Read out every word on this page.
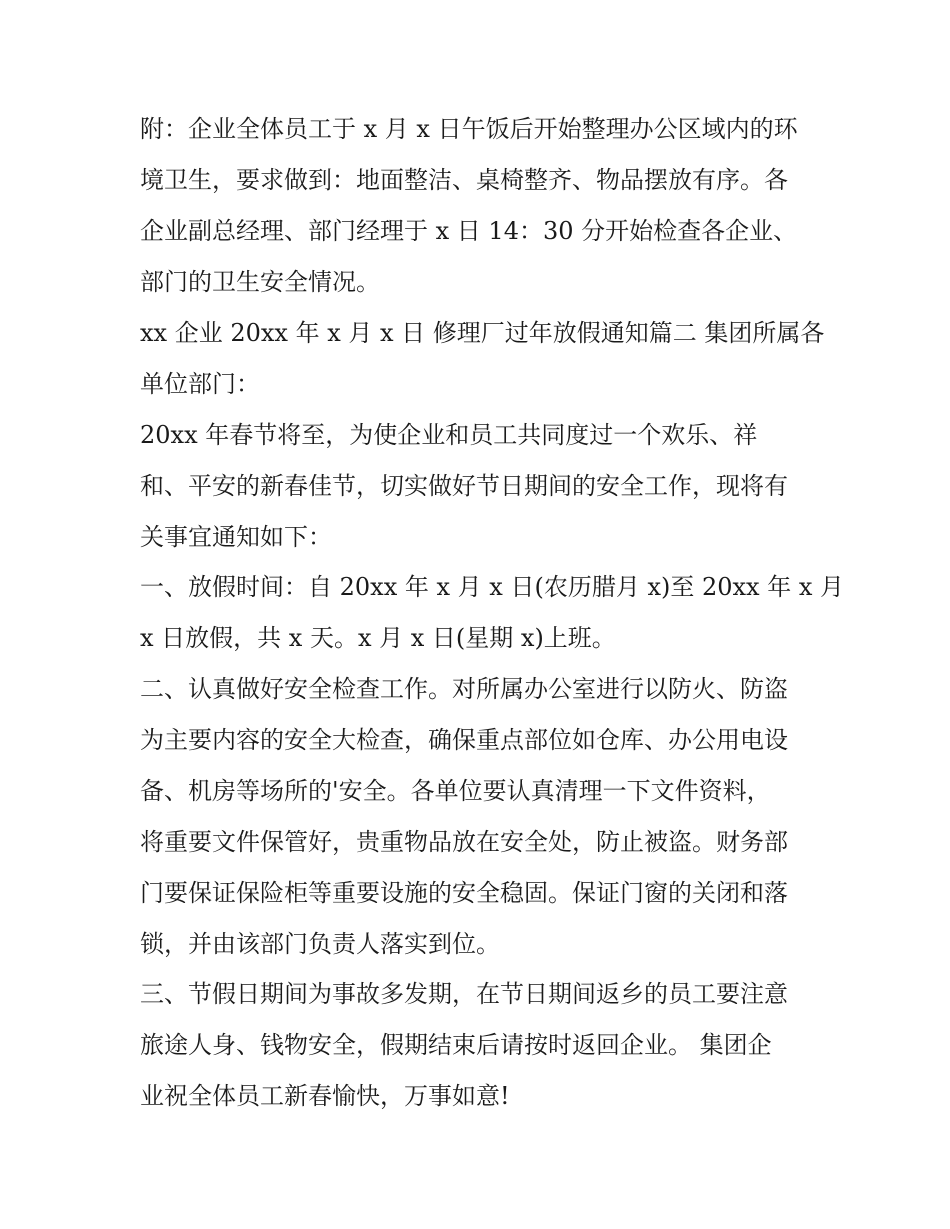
附：企业全体员工于 x 月 x 日午饭后开始整理办公区域内的环
境卫生，要求做到：地面整洁、桌椅整齐、物品摆放有序。各
企业副总经理、部门经理于 x 日 14：30 分开始检查各企业、
部门的卫生安全情况。
xx 企业 20xx 年 x 月 x 日 修理厂过年放假通知篇二 集团所属各
单位部门：
20xx 年春节将至，为使企业和员工共同度过一个欢乐、祥
和、平安的新春佳节，切实做好节日期间的安全工作，现将有
关事宜通知如下：
一、放假时间：自 20xx 年 x 月 x 日(农历腊月 x)至 20xx 年 x 月
x 日放假，共 x 天。x 月 x 日(星期 x)上班。
二、认真做好安全检查工作。对所属办公室进行以防火、防盗
为主要内容的安全大检查，确保重点部位如仓库、办公用电设
备、机房等场所的'安全。各单位要认真清理一下文件资料，
将重要文件保管好，贵重物品放在安全处，防止被盗。财务部
门要保证保险柜等重要设施的安全稳固。保证门窗的关闭和落
锁，并由该部门负责人落实到位。
三、节假日期间为事故多发期，在节日期间返乡的员工要注意
旅途人身、钱物安全，假期结束后请按时返回企业。 集团企
业祝全体员工新春愉快，万事如意!
